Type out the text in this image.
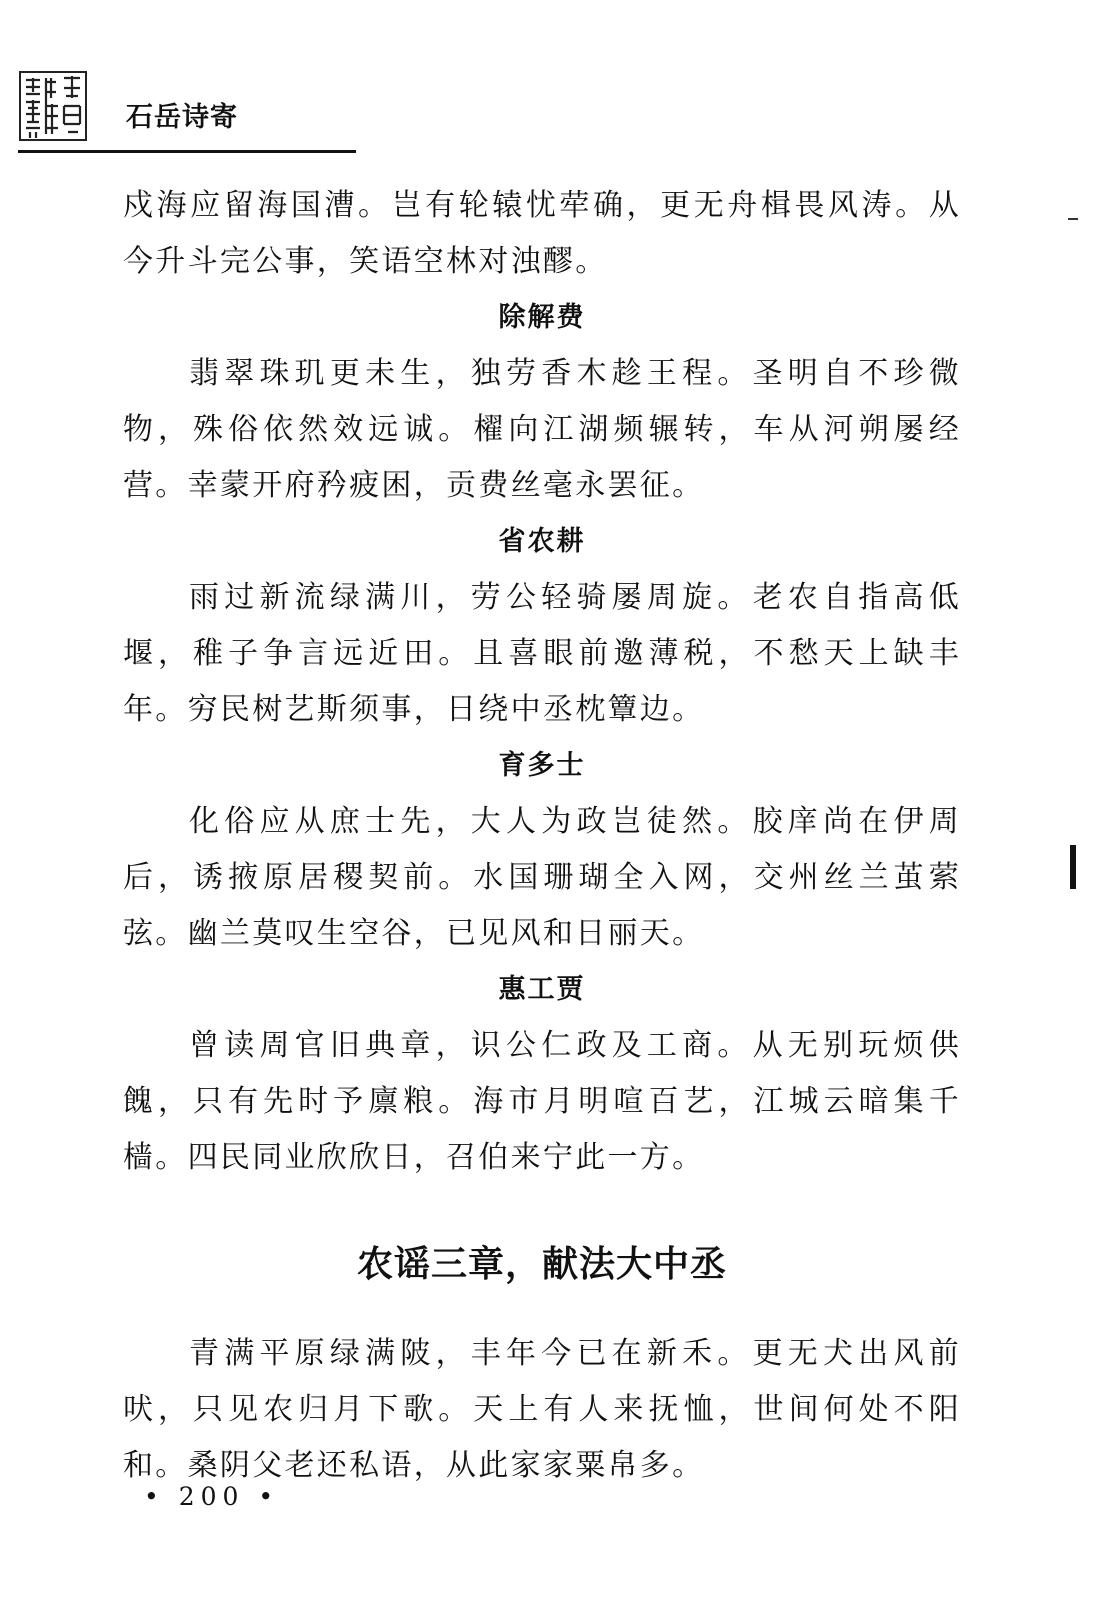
石岳诗寄

戍海应留海国漕。岂有轮辕忧荦确，更无舟楫畏风涛。从今升斗完公事，笑语空林对浊醪。

除解费

翡翠珠玑更未生，独劳香木趁王程。圣明自不珍微物，殊俗依然效远诚。櫂向江湖频辗转，车从河朔屡经营。幸蒙开府矜疲困，贡费丝毫永罢征。

省农耕

雨过新流绿满川，劳公轻骑屡周旋。老农自指高低堰，稚子争言远近田。且喜眼前邀薄税，不愁天上缺丰年。穷民树艺斯须事，日绕中丞枕簟边。

育多士

化俗应从庶士先，大人为政岂徒然。胶庠尚在伊周后，诱掖原居稷契前。水国珊瑚全入网，交州丝兰茧萦弦。幽兰莫叹生空谷，已见风和日丽天。

惠工贾

曾读周官旧典章，识公仁政及工商。从无别玩烦供餽，只有先时予廪粮。海市月明喧百艺，江城云暗集千樯。四民同业欣欣日，召伯来宁此一方。

农谣三章，献法大中丞

青满平原绿满陂，丰年今已在新禾。更无犬出风前吠，只见农归月下歌。天上有人来抚恤，世间何处不阳和。桑阴父老还私语，从此家家粟帛多。

• 200 •
